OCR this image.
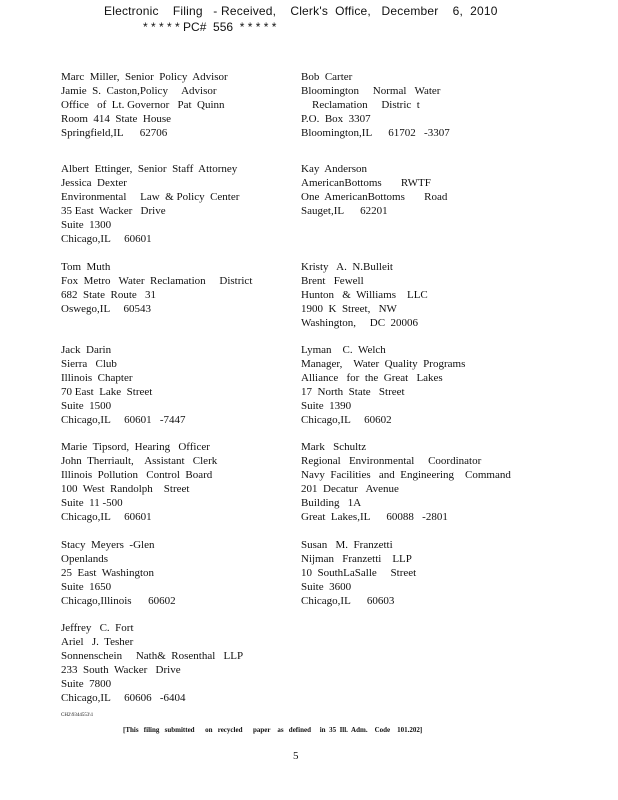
Electronic    Filing   - Received,    Clerk's  Office,   December    6,  2010
* * * * * PC#  556  * * * * *
Marc  Miller,  Senior  Policy  Advisor
Jamie  S.  Caston,Policy     Advisor
Office   of  Lt. Governor   Pat  Quinn
Room  414  State  House
Springfield,IL      62706
Albert  Ettinger,  Senior  Staff  Attorney
Jessica  Dexter
Environmental     Law  & Policy  Center
35 East  Wacker   Drive
Suite  1300
Chicago,IL     60601
Tom  Muth
Fox  Metro   Water  Reclamation     District
682  State  Route   31
Oswego,IL     60543
Jack  Darin
Sierra   Club
Illinois  Chapter
70 East  Lake  Street
Suite  1500
Chicago,IL     60601   -7447
Marie  Tipsord,  Hearing   Officer
John  Therriault,    Assistant   Clerk
Illinois  Pollution   Control  Board
100  West  Randolph    Street
Suite  11 -500
Chicago,IL     60601
Stacy  Meyers  -Glen
Openlands
25  East  Washington
Suite  1650
Chicago,Illinois      60602
Jeffrey   C.  Fort
Ariel   J.  Tesher
Sonnenschein     Nath&  Rosenthal   LLP
233  South  Wacker   Drive
Suite  7800
Chicago,IL     60606   -6404
Bob  Carter
Bloomington     Normal   Water
Reclamation     Distric  t
P.O.  Box  3307
Bloomington,IL      61702   -3307
Kay  Anderson
AmericanBottoms       RWTF
One  AmericanBottoms       Road
Sauget,IL      62201
Kristy   A.  N.Bulleit
Brent   Fewell
Hunton   &  Williams    LLC
1900  K  Street,   NW
Washington,     DC  20006
Lyman    C.  Welch
Manager,    Water  Quality  Programs
Alliance   for  the  Great   Lakes
17  North  State   Street
Suite  1390
Chicago,IL     60602
Mark   Schultz
Regional   Environmental     Coordinator
Navy  Facilities   and  Engineering    Command
201  Decatur   Avenue
Building   1A
Great  Lakes,IL      60088   -2801
Susan   M.  Franzetti
Nijman   Franzetti    LLP
10  SouthLaSalle     Street
Suite  3600
Chicago,IL      60603
CH2\9344553\1
[This   filing   submitted      on   recycled      paper    as   defined     in  35  Ill.  Adm.    Code    101.202]
5
